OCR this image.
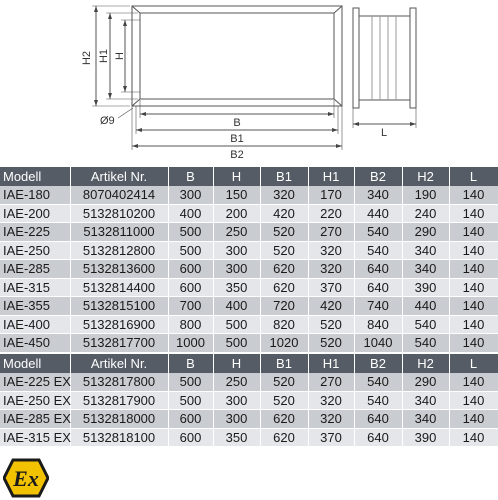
H2 H1 H
B
B1
B2
Ø9
L
Modell	Artikel Nr.	B	H	B1	H1	B2	H2	L
IAE-180	8070402414	300	150	320	170	340	190	140
IAE-200	5132810200	400	200	420	220	440	240	140
IAE-225	5132811000	500	250	520	270	540	290	140
IAE-250	5132812800	500	300	520	320	540	340	140
IAE-285	5132813600	600	300	620	320	640	340	140
IAE-315	5132814400	600	350	620	370	640	390	140
IAE-355	5132815100	700	400	720	420	740	440	140
IAE-400	5132816900	800	500	820	520	840	540	140
IAE-450	5132817700	1000	500	1020	520	1040	540	140
Modell	Artikel Nr.	B	H	B1	H1	B2	H2	L
IAE-225 EX	5132817800	500	250	520	270	540	290	140
IAE-250 EX	5132817900	500	300	520	320	540	340	140
IAE-285 EX	5132818000	600	300	620	320	640	340	140
IAE-315 EX	5132818100	600	350	620	370	640	390	140
Ex
